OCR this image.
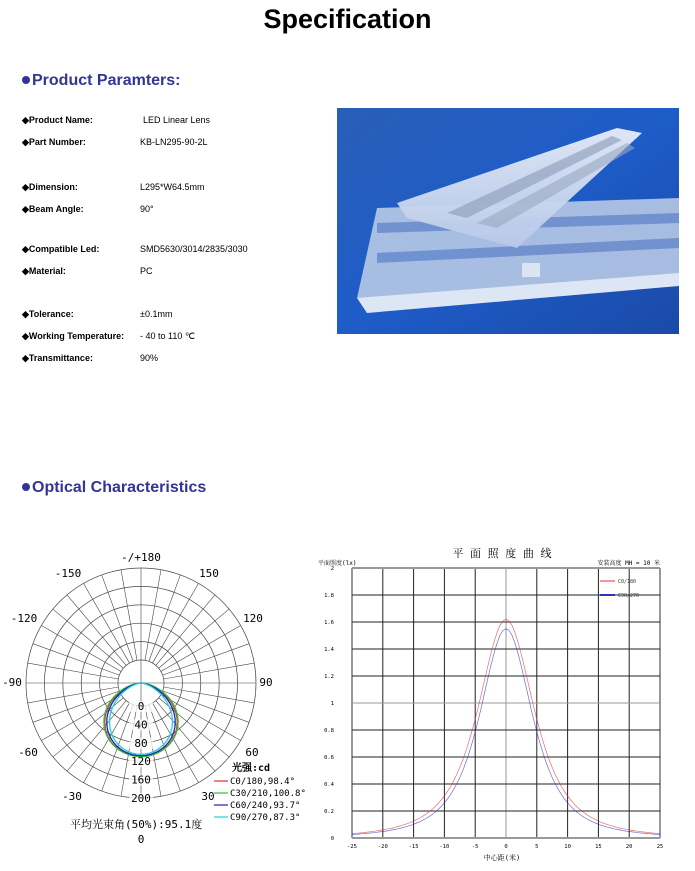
Specification
Product Paramters:
◆Product Name:	LED Linear Lens
◆Part Number:	KB-LN295-90-2L
◆Dimension:	L295*W64.5mm
◆Beam Angle:	90°
◆Compatible Led:	SMD5630/3014/2835/3030
◆Material:	PC
◆Tolerance:	±0.1mm
◆Working Temperature: - 40 to 110 ℃
◆Transmittance:	90%
Optical Characteristics
-/+180
-150	150
-120	120
-90	90
-60	60
-30	30
0
0
40
80
120
160
200
光强:cd
C0/180,98.4°
C30/210,100.8°
C60/240,93.7°
C90/270,87.3°
平均光束角(50%):95.1度
平 面 照 度 曲 线
平面照度(lx)	安装高度 MH = 10 米
-25	-20	-15	-10	-5	0	5	10	15	20	25
0
0.2
0.4
0.6
0.8
1
1.2
1.4
1.6
1.8
2
中心距(米)
C0/180
C90/270
